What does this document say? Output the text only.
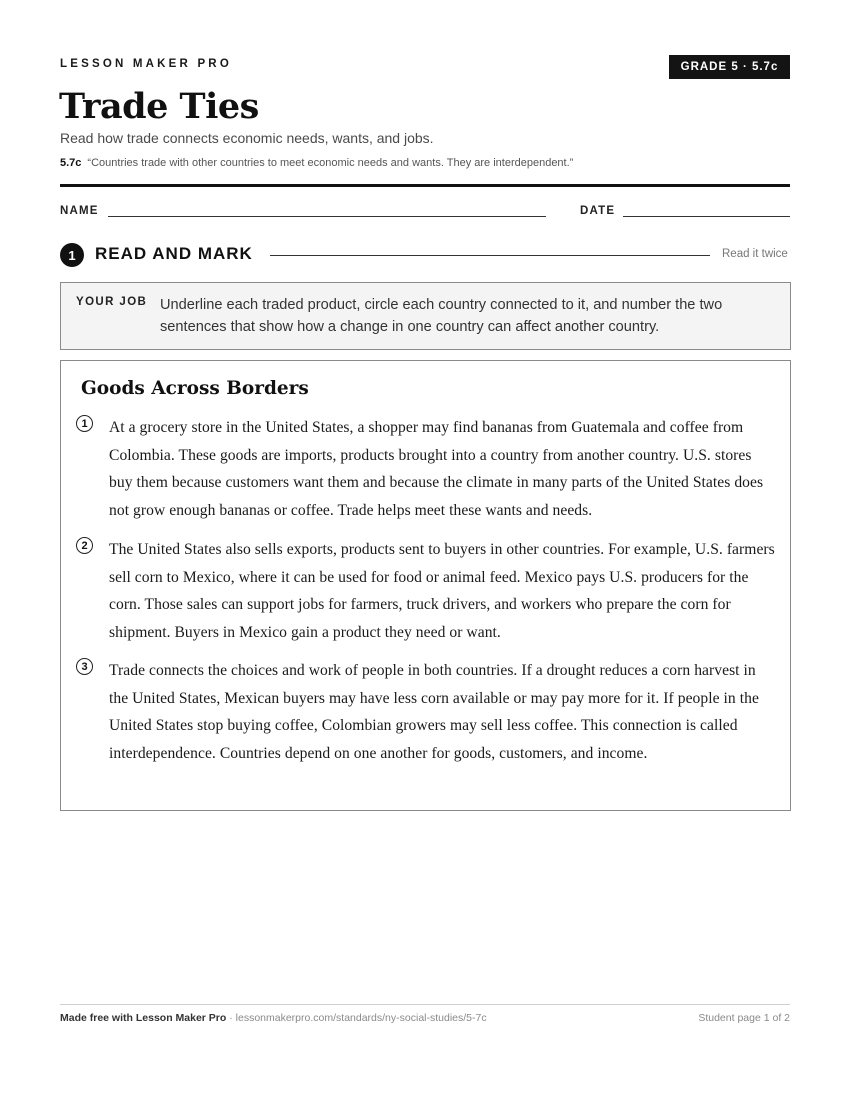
LESSON MAKER PRO	GRADE 5 · 5.7c
Trade Ties
Read how trade connects economic needs, wants, and jobs.
5.7c “Countries trade with other countries to meet economic needs and wants. They are interdependent.”
NAME	DATE
1	READ AND MARK	Read it twice
YOUR JOB Underline each traded product, circle each country connected to it, and number the two sentences that show how a change in one country can affect another country.
Goods Across Borders
1	At a grocery store in the United States, a shopper may find bananas from Guatemala and coffee from Colombia. These goods are imports, products brought into a country from another country. U.S. stores buy them because customers want them and because the climate in many parts of the United States does not grow enough bananas or coffee. Trade helps meet these wants and needs.
2	The United States also sells exports, products sent to buyers in other countries. For example, U.S. farmers sell corn to Mexico, where it can be used for food or animal feed. Mexico pays U.S. producers for the corn. Those sales can support jobs for farmers, truck drivers, and workers who prepare the corn for shipment. Buyers in Mexico gain a product they need or want.
3	Trade connects the choices and work of people in both countries. If a drought reduces a corn harvest in the United States, Mexican buyers may have less corn available or may pay more for it. If people in the United States stop buying coffee, Colombian growers may sell less coffee. This connection is called interdependence. Countries depend on one another for goods, customers, and income.
Made free with Lesson Maker Pro · lessonmakerpro.com/standards/ny-social-studies/5-7c	Student page 1 of 2
